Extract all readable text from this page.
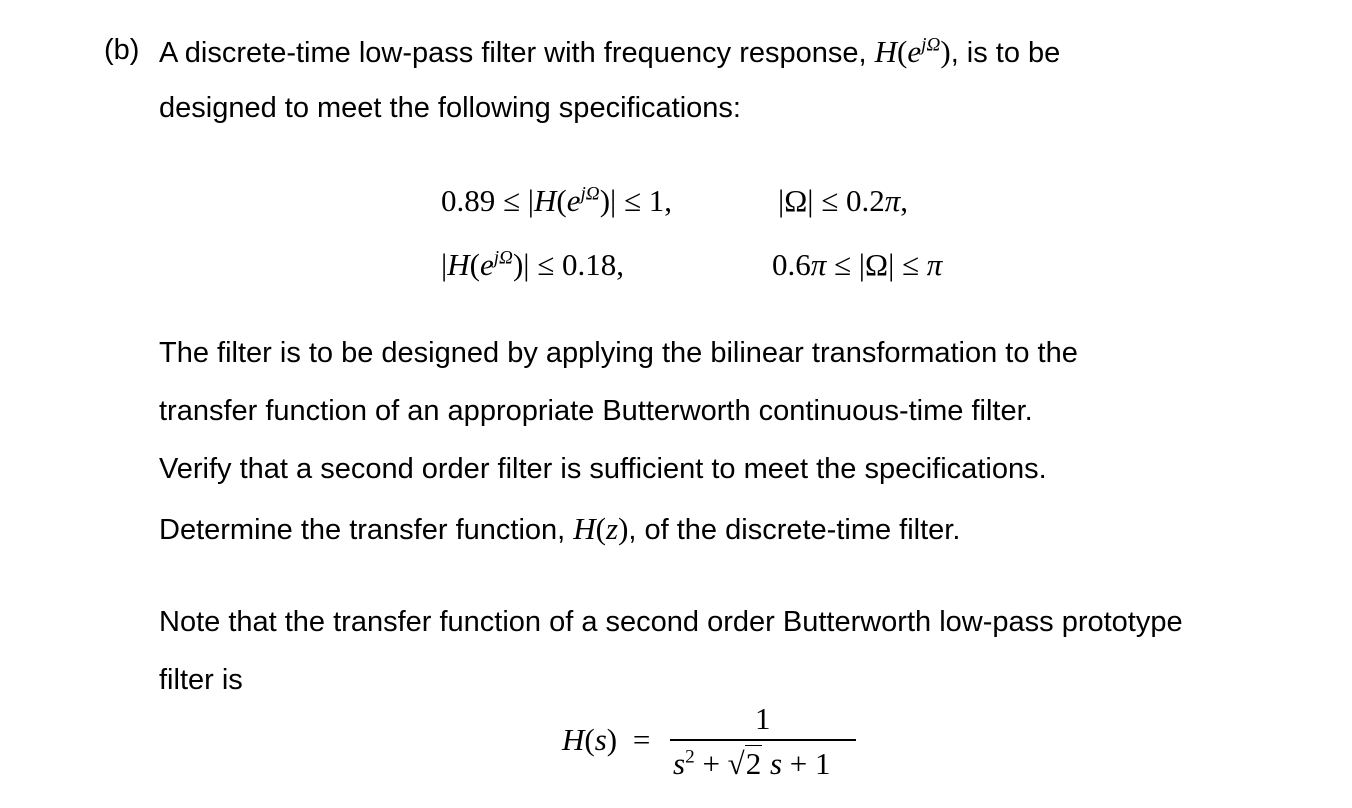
(b) A discrete-time low-pass filter with frequency response, $H(e^{j\Omega})$, is to be
designed to meet the following specifications:
$0.89 \le |H(e^{j\Omega})| \le 1$,	|Ω| ≤ 0.2π,
$|H(e^{j\Omega})| \le 0.18$,	0.6π ≤ |Ω| ≤ π
The filter is to be designed by applying the bilinear transformation to the
transfer function of an appropriate Butterworth continuous-time filter.
Verify that a second order filter is sufficient to meet the specifications.
Determine the transfer function, H(z), of the discrete-time filter.
Note that the transfer function of a second order Butterworth low-pass prototype
filter is
H(s) =
1
$s^2 + √2$ s + 1
